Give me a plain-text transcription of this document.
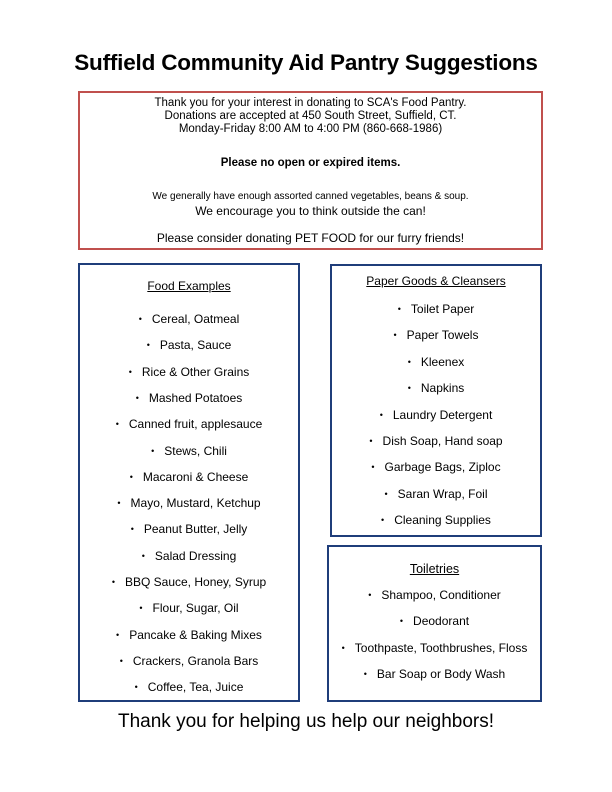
Suffield Community Aid Pantry Suggestions
Thank you for your interest in donating to SCA's Food Pantry.
Donations are accepted at 450 South Street, Suffield, CT.
Monday-Friday 8:00 AM to 4:00 PM (860-668-1986)
Please no open or expired items.
We generally have enough assorted canned vegetables, beans & soup.
We encourage you to think outside the can!
Please consider donating PET FOOD for our furry friends!
Food Examples
• Cereal, Oatmeal
• Pasta, Sauce
• Rice & Other Grains
• Mashed Potatoes
• Canned fruit, applesauce
• Stews, Chili
• Macaroni & Cheese
• Mayo, Mustard, Ketchup
• Peanut Butter, Jelly
• Salad Dressing
• BBQ Sauce, Honey, Syrup
• Flour, Sugar, Oil
• Pancake & Baking Mixes
• Crackers, Granola Bars
• Coffee, Tea, Juice
Paper Goods & Cleansers
• Toilet Paper
• Paper Towels
• Kleenex
• Napkins
• Laundry Detergent
• Dish Soap, Hand soap
• Garbage Bags, Ziploc
• Saran Wrap, Foil
• Cleaning Supplies
Toiletries
• Shampoo, Conditioner
• Deodorant
• Toothpaste, Toothbrushes, Floss
• Bar Soap or Body Wash
Thank you for helping us help our neighbors!
